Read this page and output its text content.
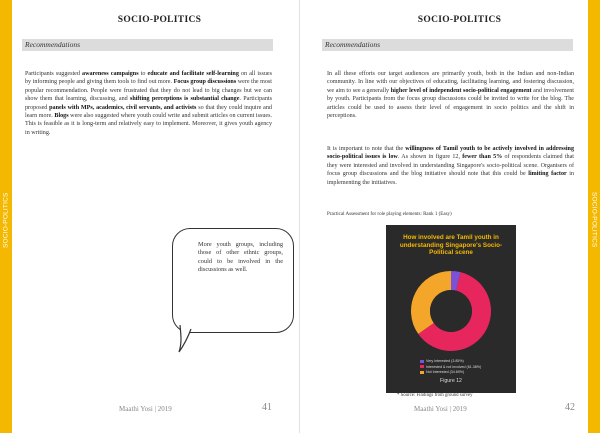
SOCIO-POLITICS	SOCIO-POLITICS
SOCIO-POLITICS
Recommendations
Participants suggested awareness campaigns to educate and facilitate self-learning on all issues by informing people and giving them tools to find out more. Focus group discussions were the most popular recommendation. People were frustrated that they do not lead to big changes but we can show them that learning, discussing, and shifting perceptions is substantial change. Participants proposed panels with MPs, academics, civil servants, and activists so that they could inquire and learn more. Blogs were also suggested where youth could write and submit articles on current issues. This is feasible as it is long-term and relatively easy to implement. Moreover, it gives youth agency in writing.
More youth groups, including those of other ethnic groups, could to be involved in the discussions as well.
Maathi Yosi | 2019	41
SOCIO-POLITICS
Recommendations
In all these efforts our target audiences are primarily youth, both in the Indian and non-Indian community. In line with our objectives of educating, facilitating learning, and fostering discussion, we aim to see a generally higher level of independent socio-political engagement and involvement by youth. Participants from the focus group discussions could be invited to write for the blog. The articles could be used to assess their level of engagement in socio politics and the shift in perceptions.
It is important to note that the willingness of Tamil youth to be actively involved in addressing socio-political issues is low. As shown in figure 12, fewer than 5% of respondents claimed that they were interested and involved in understanding Singapore's socio-political scene. Organisers of focus group discussions and the blog initiative should note that this could be limiting factor in implementing the initiatives.
Practical Assessment for role playing elements: Rank 1 (Easy)
How involved are Tamil youth in understanding Singapore's Socio-Political scene
Very Interested (3.85%)
Interested & not involved (61.38%)
Not Interested (34.69%)
Figure 12
* Source: Findings from ground survey
Maathi Yosi | 2019	42
